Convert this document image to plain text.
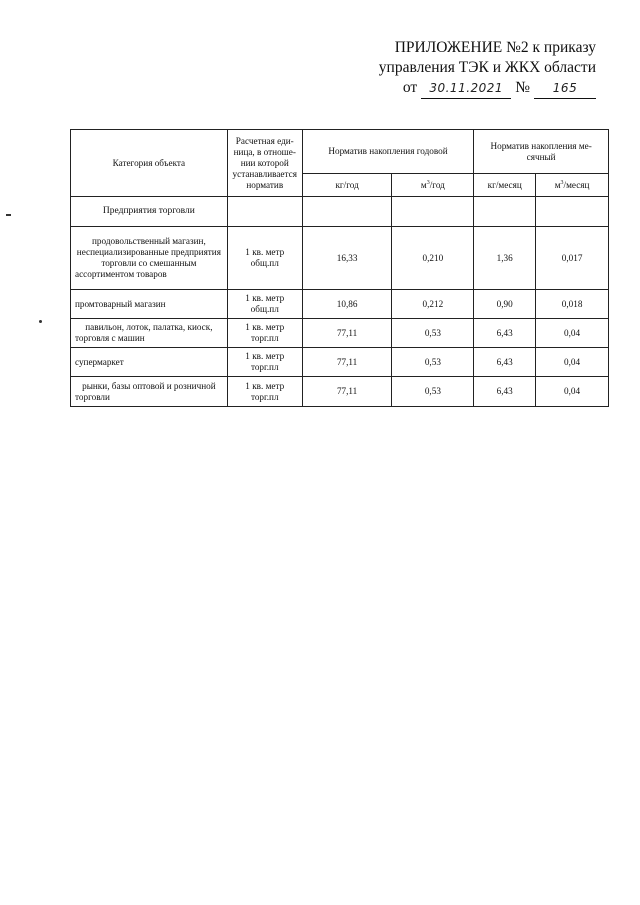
ПРИЛОЖЕНИЕ №2 к приказу
управления ТЭК и ЖКХ области
от	30.11.2021 №	165
Категория объекта	Расчетная еди-ница, в отноше-нии которой устанавливается норматив	Норматив накопления годовой		Норматив накопления ме-сячный	
		кг/год	$м^3$/год	кг/месяц	$м^3$/месяц
Предприятия торговли					
продовольственный магазин, неспециализированные предприятия торговли со смешанным ассортиментом товаров	1 кв. метр общ.пл	16,33	0,210	1,36	0,017
промтоварный магазин	1 кв. метр общ.пл	10,86	0,212	0,90	0,018
павильон, лоток, палатка, киоск, торговля с машин	1 кв. метр торг.пл	77,11	0,53	6,43	0,04
супермаркет	1 кв. метр торг.пл	77,11	0,53	6,43	0,04
рынки, базы оптовой и розничной торговли	1 кв. метр торг.пл	77,11	0,53	6,43	0,04
